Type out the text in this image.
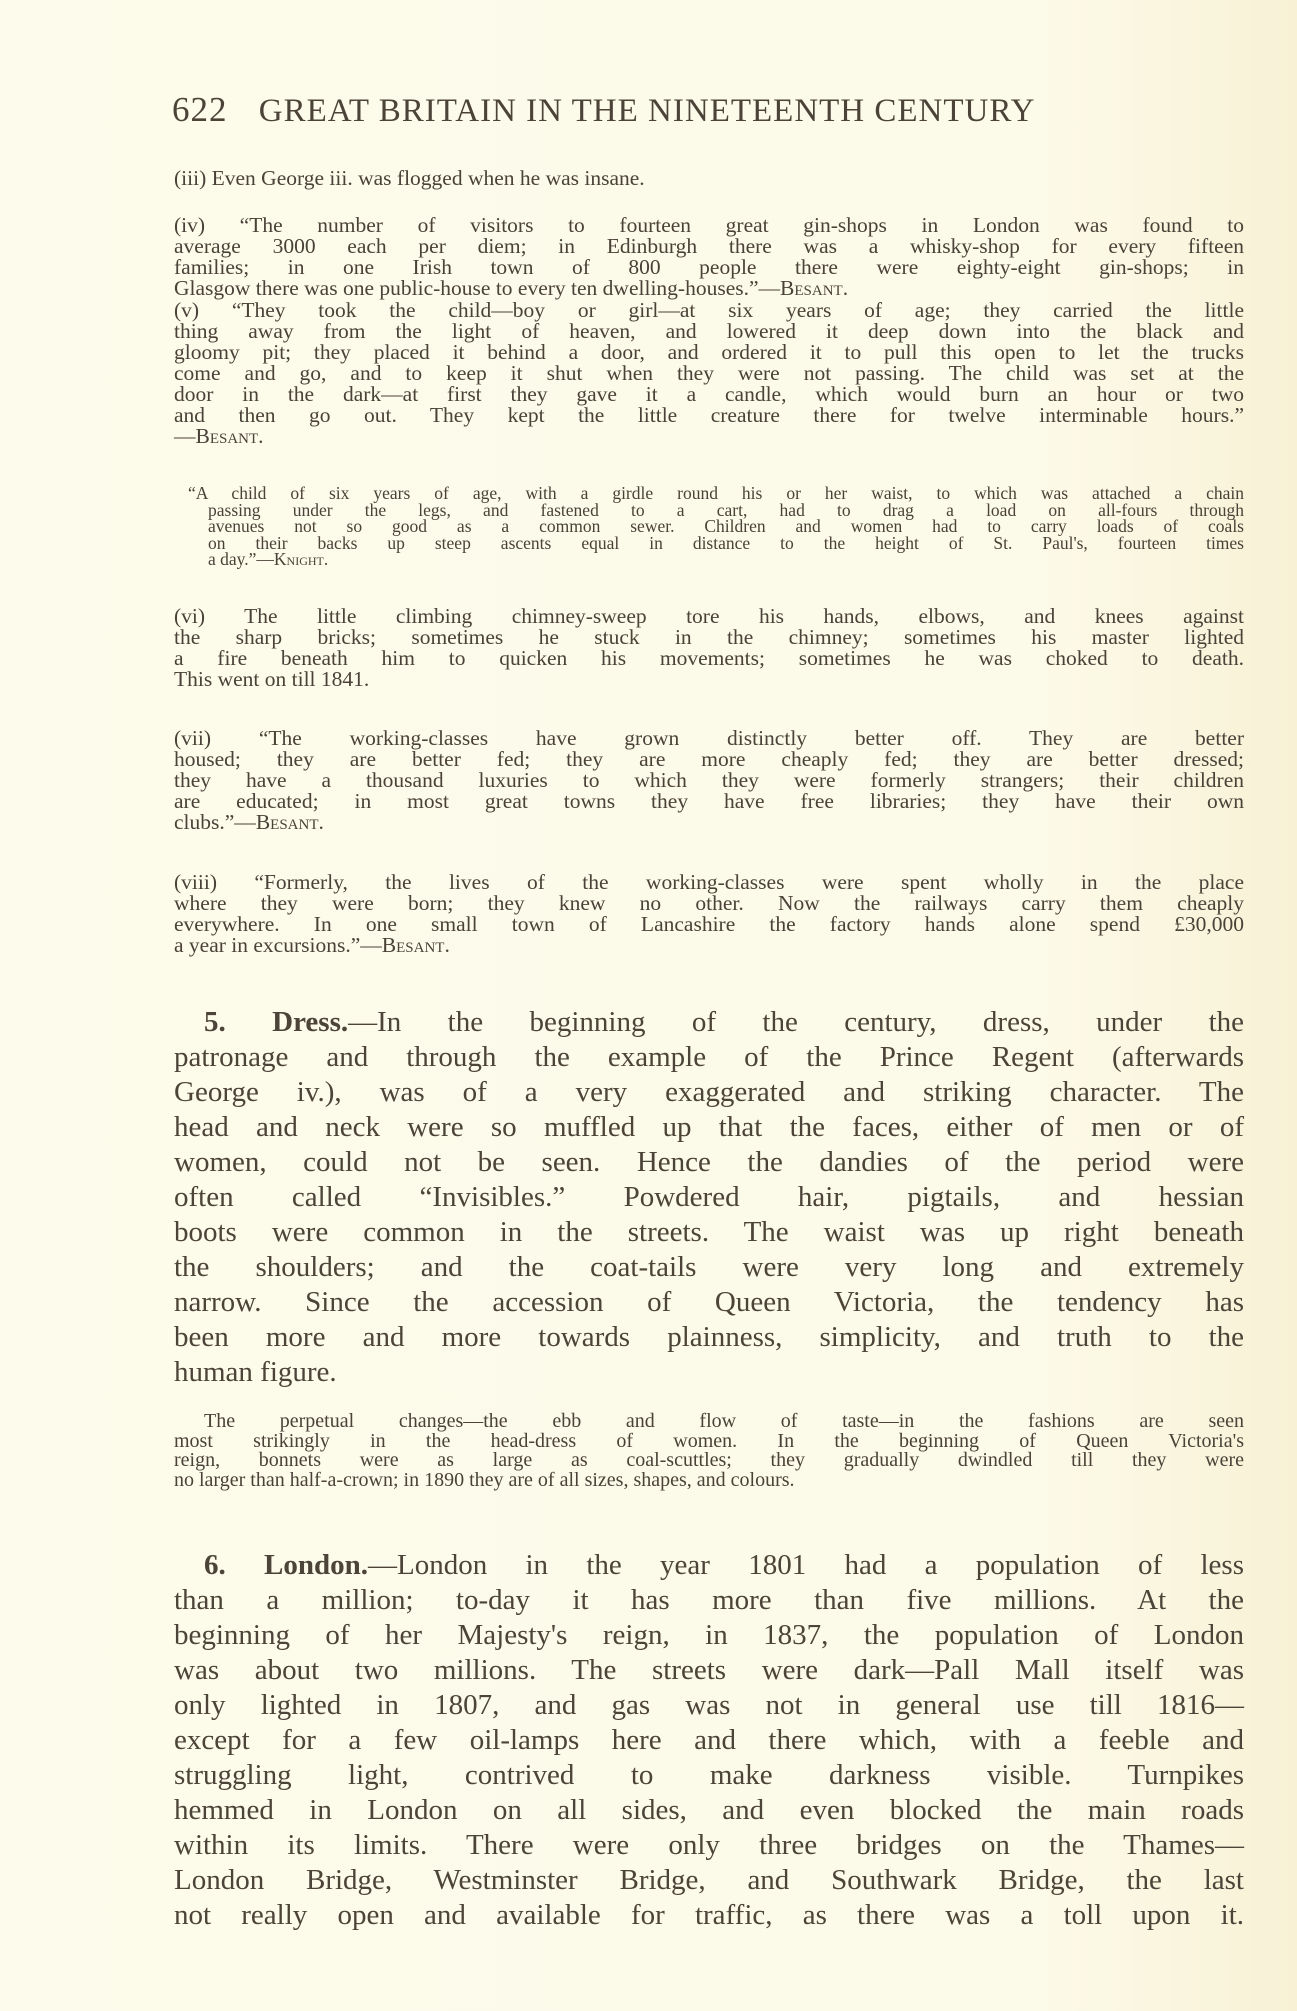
622 GREAT BRITAIN IN THE NINETEENTH CENTURY
(iii) Even George iii. was flogged when he was insane.
(iv) “The number of visitors to fourteen great gin-shops in London was found to
average 3000 each per diem; in Edinburgh there was a whisky-shop for every fifteen
families; in one Irish town of 800 people there were eighty-eight gin-shops; in
Glasgow there was one public-house to every ten dwelling-houses.”—Besant.
(v) “They took the child—boy or girl—at six years of age; they carried the little
thing away from the light of heaven, and lowered it deep down into the black and
gloomy pit; they placed it behind a door, and ordered it to pull this open to let the trucks
come and go, and to keep it shut when they were not passing. The child was set at the
door in the dark—at first they gave it a candle, which would burn an hour or two
and then go out. They kept the little creature there for twelve interminable hours.”
—Besant.
“A child of six years of age, with a girdle round his or her waist, to which was attached a chain
passing under the legs, and fastened to a cart, had to drag a load on all-fours through
avenues not so good as a common sewer. Children and women had to carry loads of coals
on their backs up steep ascents equal in distance to the height of St. Paul's, fourteen times
a day.”—Knight.
(vi) The little climbing chimney-sweep tore his hands, elbows, and knees against
the sharp bricks; sometimes he stuck in the chimney; sometimes his master lighted
a fire beneath him to quicken his movements; sometimes he was choked to death.
This went on till 1841.
(vii) “The working-classes have grown distinctly better off. They are better
housed; they are better fed; they are more cheaply fed; they are better dressed;
they have a thousand luxuries to which they were formerly strangers; their children
are educated; in most great towns they have free libraries; they have their own
clubs.”—Besant.
(viii) “Formerly, the lives of the working-classes were spent wholly in the place
where they were born; they knew no other. Now the railways carry them cheaply
everywhere. In one small town of Lancashire the factory hands alone spend £30,000
a year in excursions.”—Besant.
5. Dress.—In the beginning of the century, dress, under the
patronage and through the example of the Prince Regent (afterwards
George iv.), was of a very exaggerated and striking character. The
head and neck were so muffled up that the faces, either of men or of
women, could not be seen. Hence the dandies of the period were
often called “Invisibles.” Powdered hair, pigtails, and hessian
boots were common in the streets. The waist was up right beneath
the shoulders; and the coat-tails were very long and extremely
narrow. Since the accession of Queen Victoria, the tendency has
been more and more towards plainness, simplicity, and truth to the
human figure.
The perpetual changes—the ebb and flow of taste—in the fashions are seen
most strikingly in the head-dress of women. In the beginning of Queen Victoria's
reign, bonnets were as large as coal-scuttles; they gradually dwindled till they were
no larger than half-a-crown; in 1890 they are of all sizes, shapes, and colours.
6. London.—London in the year 1801 had a population of less
than a million; to-day it has more than five millions. At the
beginning of her Majesty's reign, in 1837, the population of London
was about two millions. The streets were dark—Pall Mall itself was
only lighted in 1807, and gas was not in general use till 1816—
except for a few oil-lamps here and there which, with a feeble and
struggling light, contrived to make darkness visible. Turnpikes
hemmed in London on all sides, and even blocked the main roads
within its limits. There were only three bridges on the Thames—
London Bridge, Westminster Bridge, and Southwark Bridge, the last
not really open and available for traffic, as there was a toll upon it.
